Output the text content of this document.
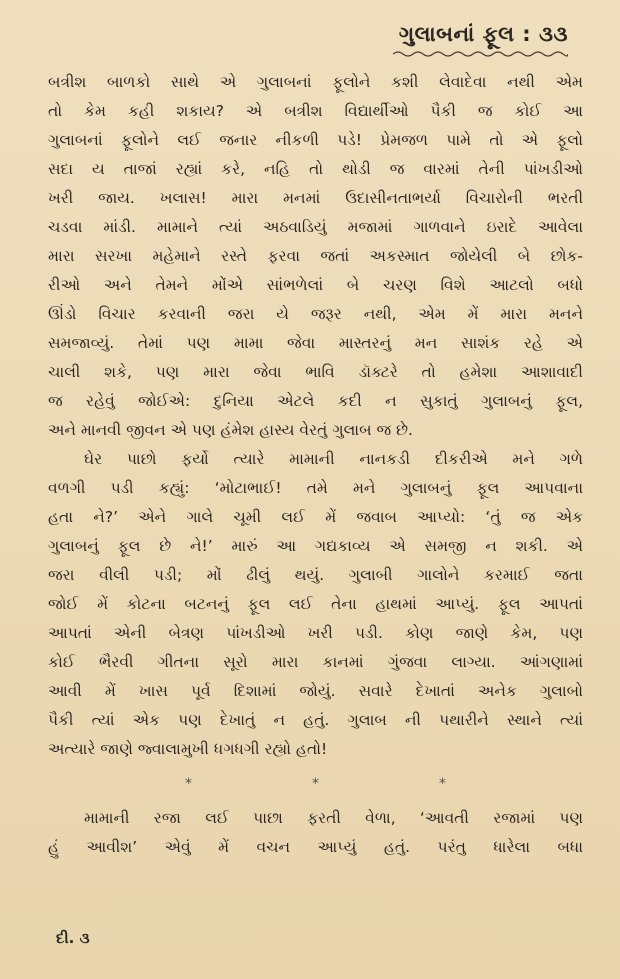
ગુલાબનાં ફૂલ : ૩૩
બત્રીશ બાળકો સાથે એ ગુલાબનાં ફૂલોને કશી લેવાદેવા નથી એમ
તો કેમ કહી શકાય? એ બત્રીશ વિદ્યાર્થીઓ પૈકી જ કોઈ આ
ગુલાબનાં ફૂલોને લઈ જનાર નીકળી પડે! પ્રેમજળ પામે તો એ ફૂલો
સદા ય તાજાં રહ્યાં કરે, નહિ તો થોડી જ વારમાં તેની પાંખડીઓ
ખરી જાય. ખલાસ! મારા મનમાં ઉદાસીનતાભર્યા વિચારોની ભરતી
ચડવા માંડી. મામાને ત્યાં અઠવાડિયું મજામાં ગાળવાને ઇરાદે આવેલા
મારા સરખા મહેમાને રસ્તે ફરવા જતાં અકસ્માત જોયેલી બે છોક-
રીઓ અને તેમને મોંએ સાંભળેલાં બે ચરણ વિશે આટલો બધો
ઊંડો વિચાર કરવાની જરા યે જરૂર નથી, એમ મેં મારા મનને
સમજાવ્યું. તેમાં પણ મામા જેવા માસ્તરનું મન સાશંક રહે એ
ચાલી શકે, પણ મારા જેવા ભાવિ ડૉક્ટરે તો હમેશા આશાવાદી
જ રહેવું જોઈએ: દુનિયા એટલે કદી ન સુકાતું ગુલાબનું ફૂલ,
અને માનવી જીવન એ પણ હંમેશ હાસ્ય વેરતું ગુલાબ જ છે.
ઘેર પાછો ફર્યો ત્યારે મામાની નાનકડી દીકરીએ મને ગળે
વળગી પડી કહ્યું: ‘મોટાભાઈ! તમે મને ગુલાબનું ફૂલ આપવાના
હતા ને?’ એને ગાલે ચૂમી લઈ મેં જવાબ આપ્યો: ‘તું જ એક
ગુલાબનું ફૂલ છે ને!’ મારું આ ગદ્યકાવ્ય એ સમજી ન શકી. એ
જરા વીલી પડી; મોં ઢીલું થયું. ગુલાબી ગાલોને કરમાઈ જતા
જોઈ મેં કોટના બટનનું ફૂલ લઈ તેના હાથમાં આપ્યું. ફૂલ આપતાં
આપતાં એની બેત્રણ પાંખડીઓ ખરી પડી. કોણ જાણે કેમ, પણ
કોઈ ભૈરવી ગીતના સૂરો મારા કાનમાં ગુંજવા લાગ્યા. આંગણામાં
આવી મેં ખાસ પૂર્વ દિશામાં જોયું. સવારે દેખાતાં અનેક ગુલાબો
પૈકી ત્યાં એક પણ દેખાતું ન હતું. ગુલાબ ની પથારીને સ્થાને ત્યાં
અત્યારે જાણે જ્વાલામુખી ધગધગી રહ્યો હતો!
*	*	*
મામાની રજા લઈ પાછા ફરતી વેળા, ‘આવતી રજામાં પણ
હું આવીશ’ એવું મેં વચન આપ્યું હતું. પરંતુ ધારેલા બધા
દી. ૩
